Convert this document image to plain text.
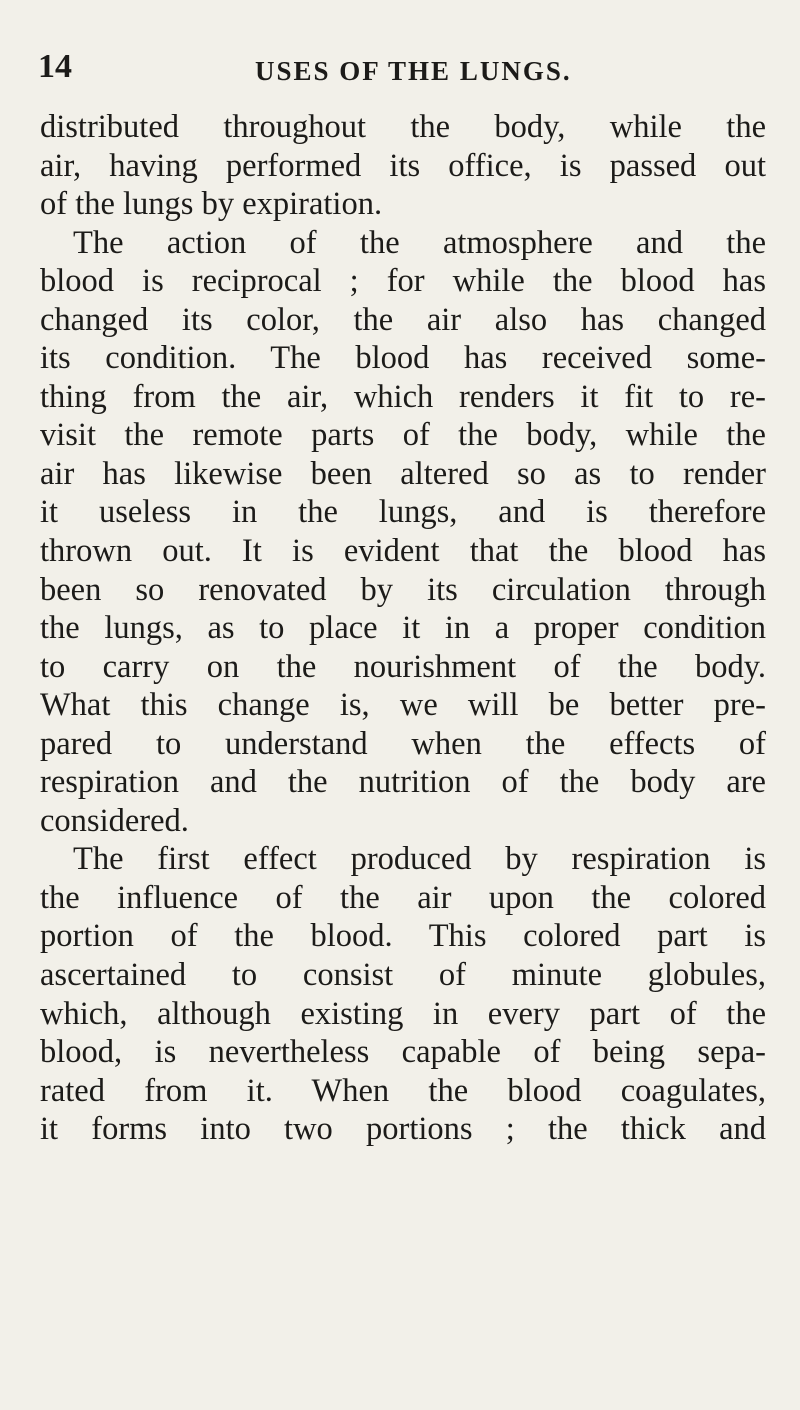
14	USES OF THE LUNGS.
distributed throughout the body, while the
air, having performed its office, is passed out
of the lungs by expiration.
The action of the atmosphere and the
blood is reciprocal ; for while the blood has
changed its color, the air also has changed
its condition. The blood has received some-
thing from the air, which renders it fit to re-
visit the remote parts of the body, while the
air has likewise been altered so as to render
it useless in the lungs, and is therefore
thrown out. It is evident that the blood has
been so renovated by its circulation through
the lungs, as to place it in a proper condition
to carry on the nourishment of the body.
What this change is, we will be better pre-
pared to understand when the effects of
respiration and the nutrition of the body are
considered.
The first effect produced by respiration is
the influence of the air upon the colored
portion of the blood. This colored part is
ascertained to consist of minute globules,
which, although existing in every part of the
blood, is nevertheless capable of being sepa-
rated from it. When the blood coagulates,
it forms into two portions ; the thick and
